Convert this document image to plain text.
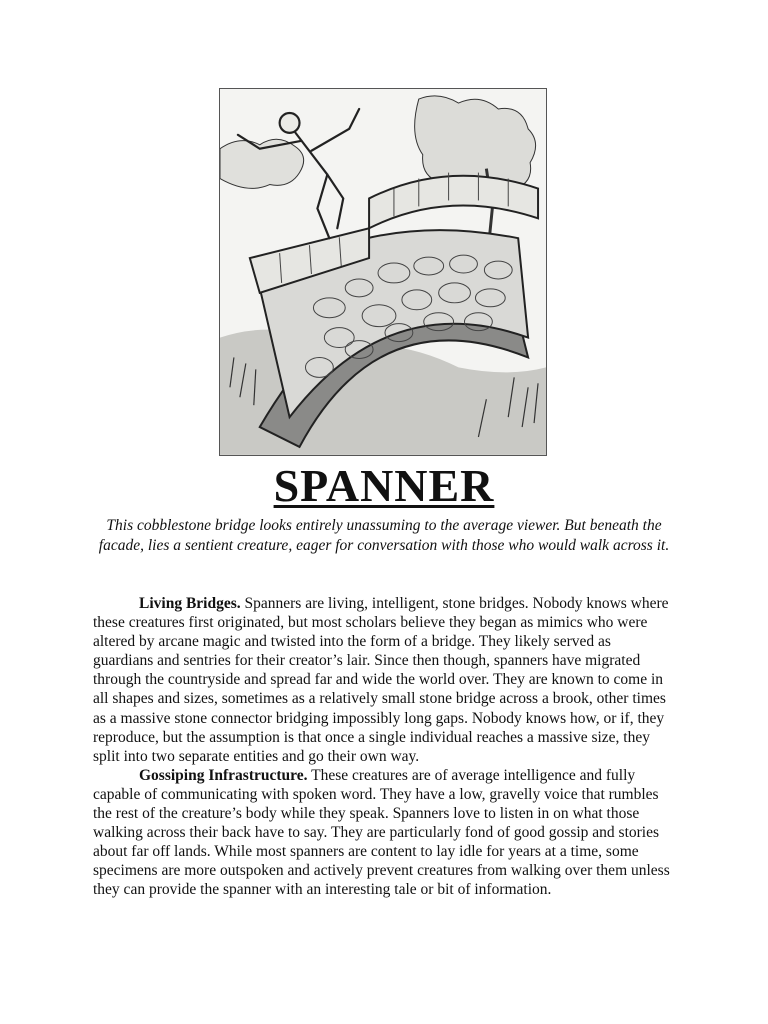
SPANNER
This cobblestone bridge looks entirely unassuming to the average viewer. But beneath the facade, lies a sentient creature, eager for conversation with those who would walk across it.

Living Bridges. Spanners are living, intelligent, stone bridges. Nobody knows where these creatures first originated, but most scholars believe they began as mimics who were altered by arcane magic and twisted into the form of a bridge. They likely served as guardians and sentries for their creator’s lair. Since then though, spanners have migrated through the countryside and spread far and wide the world over. They are known to come in all shapes and sizes, sometimes as a relatively small stone bridge across a brook, other times as a massive stone connector bridging impossibly long gaps. Nobody knows how, or if, they reproduce, but the assumption is that once a single individual reaches a massive size, they split into two separate entities and go their own way.

Gossiping Infrastructure. These creatures are of average intelligence and fully capable of communicating with spoken word. They have a low, gravelly voice that rumbles the rest of the creature’s body while they speak. Spanners love to listen in on what those walking across their back have to say. They are particularly fond of good gossip and stories about far off lands. While most spanners are content to lay idle for years at a time, some specimens are more outspoken and actively prevent creatures from walking over them unless they can provide the spanner with an interesting tale or bit of information.
